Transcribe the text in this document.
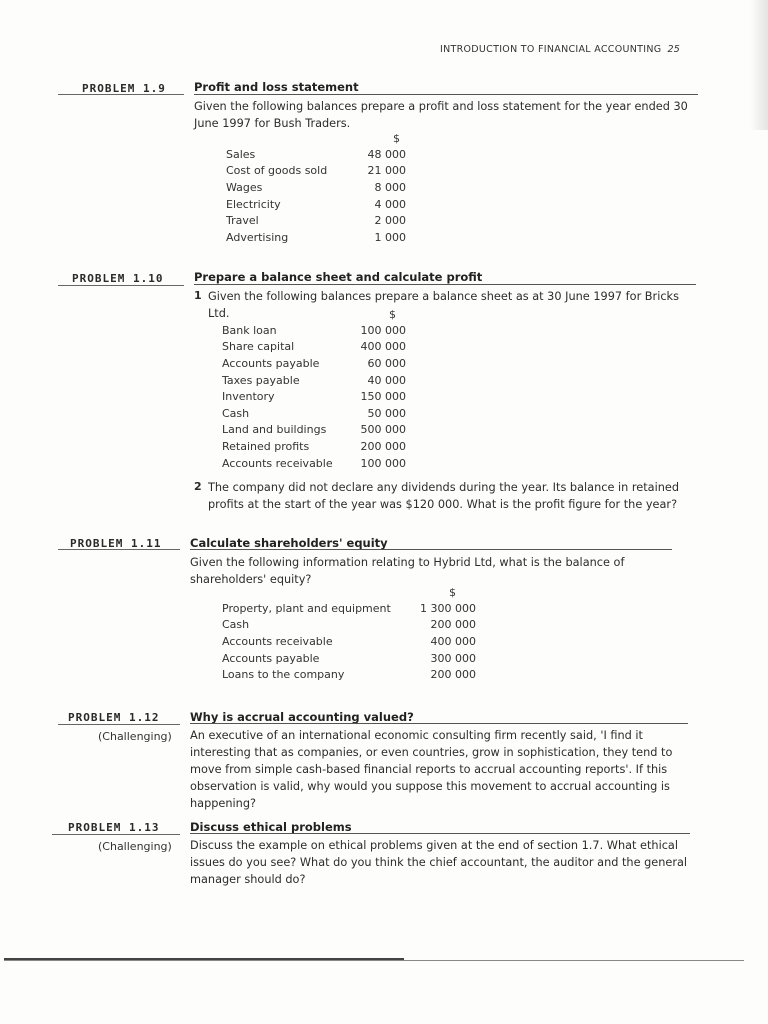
INTRODUCTION TO FINANCIAL ACCOUNTING 25
PROBLEM 1.9 Profit and loss statement
Given the following balances prepare a profit and loss statement for the year ended 30 June 1997 for Bush Traders.
	$
Sales	48 000
Cost of goods sold	21 000
Wages	8 000
Electricity	4 000
Travel	2 000
Advertising	1 000
PROBLEM 1.10	Prepare a balance sheet and calculate profit
1 Given the following balances prepare a balance sheet as at 30 June 1997 for Bricks Ltd.
		$
Bank loan	100 000
Share capital	400 000
Accounts payable	60 000
Taxes payable	40 000
Inventory	150 000
Cash	50 000
Land and buildings	500 000
Retained profits	200 000
Accounts receivable	100 000
2 The company did not declare any dividends during the year. Its balance in retained profits at the start of the year was $120 000. What is the profit figure for the year?
PROBLEM 1.11 Calculate shareholders' equity
Given the following information relating to Hybrid Ltd, what is the balance of shareholders' equity?
	$
Property, plant and equipment	1 300 000
Cash	200 000
Accounts receivable	400 000
Accounts payable	300 000
Loans to the company	200 000
PROBLEM 1.12
(Challenging)
Why is accrual accounting valued?
An executive of an international economic consulting firm recently said, 'I find it interesting that as companies, or even countries, grow in sophistication, they tend to move from simple cash-based financial reports to accrual accounting reports'. If this observation is valid, why would you suppose this movement to accrual accounting is happening?
PROBLEM 1.13
(Challenging)
Discuss ethical problems
Discuss the example on ethical problems given at the end of section 1.7. What ethical issues do you see? What do you think the chief accountant, the auditor and the general manager should do?
